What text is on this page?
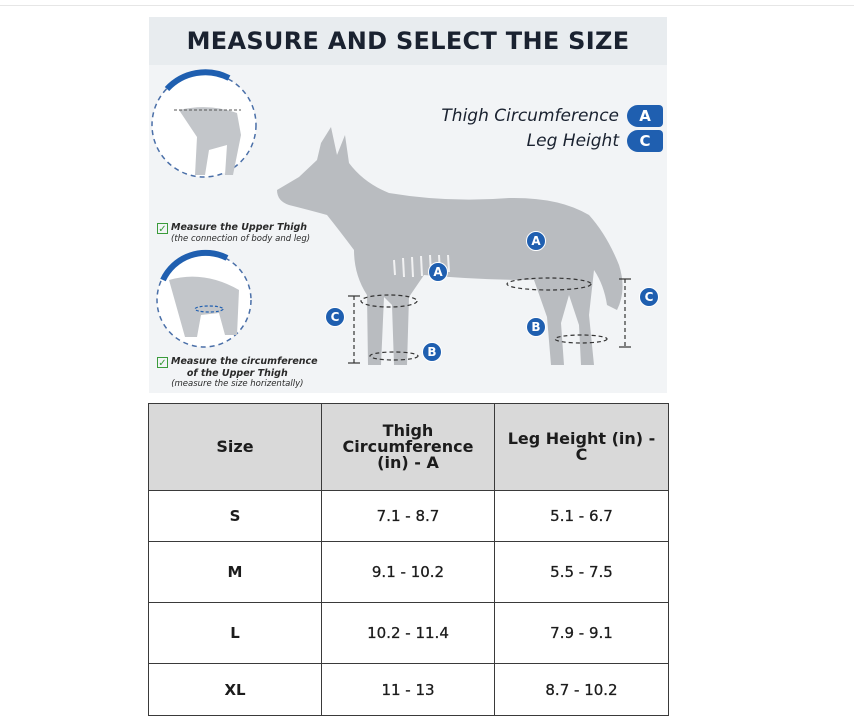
MEASURE AND SELECT THE SIZE
Thigh Circumference	A
Leg Height	C
✓ Measure the Upper Thigh
(the connection of body and leg)
✓ Measure the circumference
of the Upper Thigh
(measure the size horizentally)
A
A
B
B
C
C
Size	Thigh Circumference (in) - A	Leg Height (in) - C
S	7.1 - 8.7	5.1 - 6.7
M	9.1 - 10.2	5.5 - 7.5
L	10.2 - 11.4	7.9 - 9.1
XL	11 - 13	8.7 - 10.2
